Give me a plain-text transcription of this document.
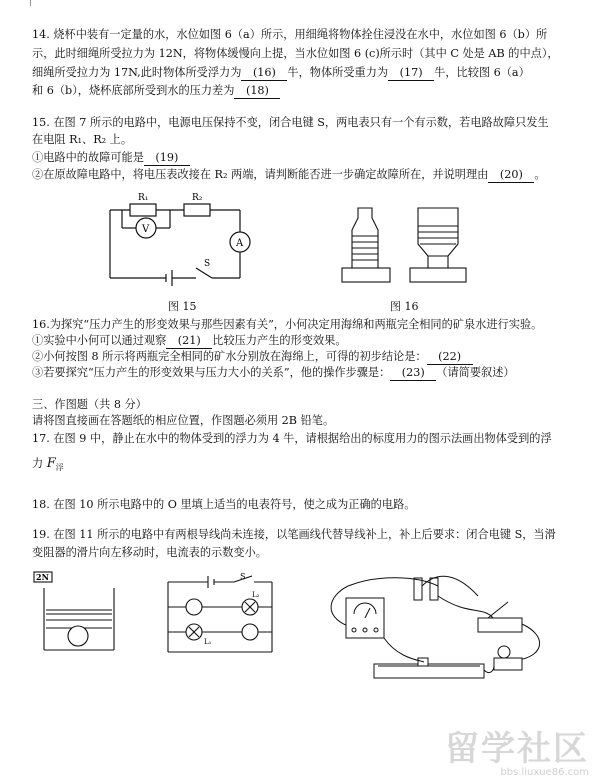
14. 烧杯中装有一定量的水，水位如图 6（a）所示，用细绳将物体拴住浸没在水中，水位如图 6（b）所
示，此时细绳所受拉力为 12N，将物体缓慢向上提，当水位如图 6 (c)所示时（其中 C 处是 AB 的中点），
细绳所受拉力为 17N,此时物体所受浮力为 (16) 牛，物体所受重力为 (17) 牛，比较图 6（a）
和 6（b），烧杯底部所受到水的压力差为 (18)
15. 在图 7 所示的电路中，电源电压保持不变，闭合电键 S，两电表只有一个有示数，若电路故障只发生
在电阻 R₁、R₂ 上。
①电路中的故障可能是 (19)
②在原故障电路中，将电压表改接在 R₂ 两端，请判断能否进一步确定故障所在，并说明理由 (20) 。
R₁	R₂
V
A
S
图 15	图 16
16.为探究“压力产生的形变效果与那些因素有关”，小何决定用海绵和两瓶完全相同的矿泉水进行实验。
①实验中小何可以通过观察 (21) 比较压力产生的形变效果。
②小何按图 8 所示将两瓶完全相同的矿水分别放在海绵上，可得的初步结论是： (22)
③若要探究“压力产生的形变效果与压力大小的关系”，他的操作步骤是： (23) （请简要叙述）
三、作图题（共 8 分）
请将图直接画在答题纸的相应位置，作图题必须用 2B 铅笔。
17. 在图 9 中，静止在水中的物体受到的浮力为 4 牛，请根据给出的标度用力的图示法画出物体受到的浮
力 $F_浮$
18. 在图 10 所示电路中的 O 里填上适当的电表符号，使之成为正确的电路。
19. 在图 11 所示的电路中有两根导线尚未连接，以笔画线代替导线补上，补上后要求：闭合电键 S，当滑
变阻器的滑片向左移动时，电流表的示数变小。
2N	S
L₁
L₂
留学社区
bbs.liuxue86.com
